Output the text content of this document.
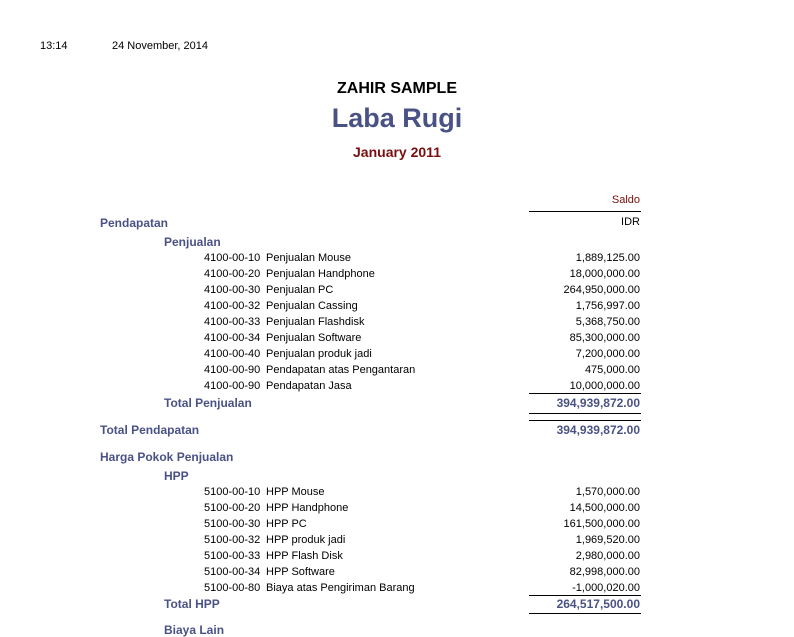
13:14	24 November, 2014
ZAHIR SAMPLE
Laba Rugi
January 2011
Saldo
IDR
Pendapatan
Penjualan
4100-00-10 Penjualan Mouse	1,889,125.00
4100-00-20 Penjualan Handphone	18,000,000.00
4100-00-30 Penjualan PC	264,950,000.00
4100-00-32 Penjualan Cassing	1,756,997.00
4100-00-33 Penjualan Flashdisk	5,368,750.00
4100-00-34 Penjualan Software	85,300,000.00
4100-00-40 Penjualan produk jadi	7,200,000.00
4100-00-90 Pendapatan atas Pengantaran	475,000.00
4100-00-90 Pendapatan Jasa	10,000,000.00
Total Penjualan	394,939,872.00
Total Pendapatan	394,939,872.00
Harga Pokok Penjualan
HPP
5100-00-10 HPP Mouse	1,570,000.00
5100-00-20 HPP Handphone	14,500,000.00
5100-00-30 HPP PC	161,500,000.00
5100-00-32 HPP produk jadi	1,969,520.00
5100-00-33 HPP Flash Disk	2,980,000.00
5100-00-34 HPP Software	82,998,000.00
5100-00-80 Biaya atas Pengiriman Barang	-1,000,020.00
Total HPP	264,517,500.00
Biaya Lain
